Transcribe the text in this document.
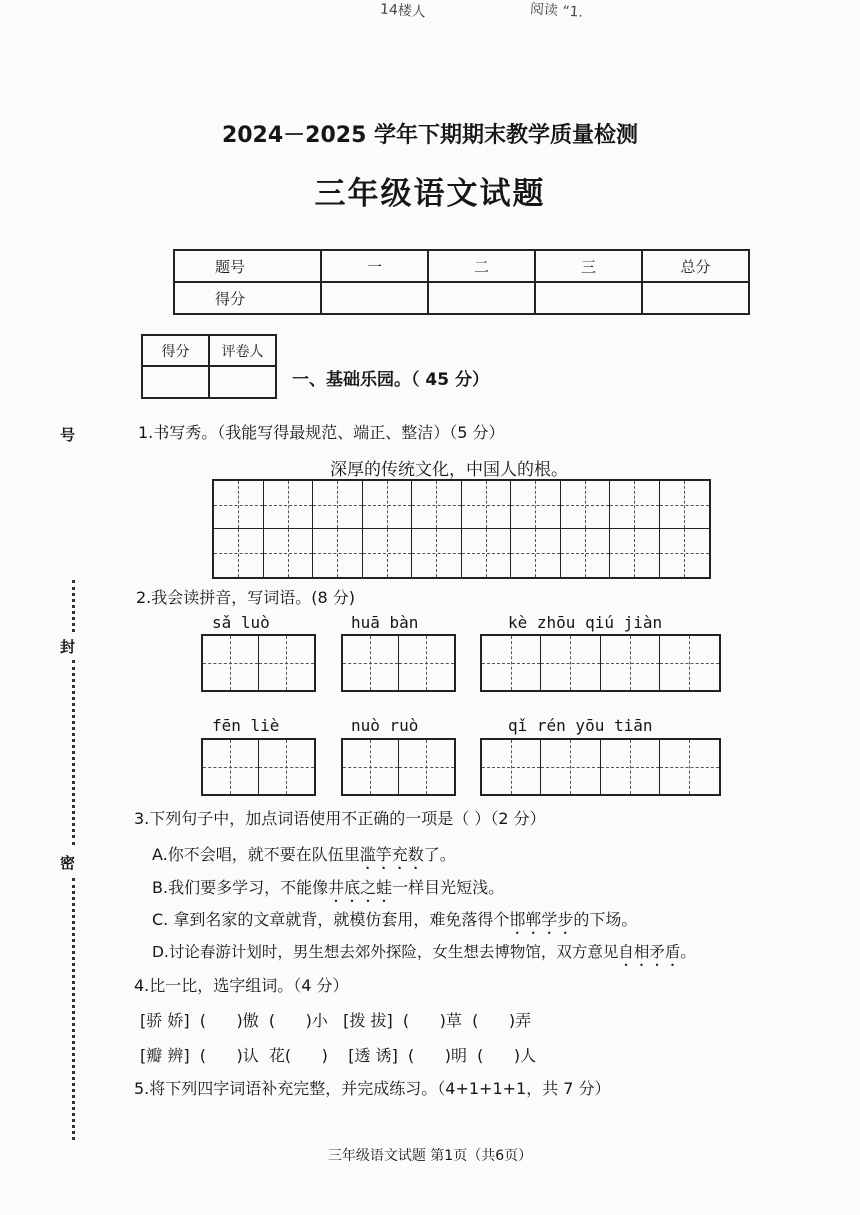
14楼人	阅读 “1.
2024－2025 学年下期期末教学质量检测
三年级语文试题
题号	一	二	三	总分
得分				
得分	评卷人

一、基础乐园。（ 45 分）
号
封
密
1.书写秀。（我能写得最规范、端正、整洁）（5 分）
深厚的传统文化，中国人的根。
2.我会读拼音，写词语。(8 分)
sǎ luò	huā bàn	kè zhōu qiú jiàn
fēn liè	nuò ruò	qǐ rén yōu tiān
3.下列句子中，加点词语使用不正确的一项是（ ）（2 分）
A.你不会唱，就不要在队伍里滥竽充数了。
B.我们要多学习，不能像井底之蛙一样目光短浅。
C. 拿到名家的文章就背，就模仿套用，难免落得个邯郸学步的下场。
D.讨论春游计划时，男生想去郊外探险，女生想去博物馆，双方意见自相矛盾。
4.比一比，选字组词。（4 分）
[骄 娇]  (      )傲  (      )小   [拨 拔]  (      )草  (      )弄
[瓣 辨]  (      )认  花(      )    [透 诱]  (      )明  (      )人
5.将下列四字词语补充完整，并完成练习。（4+1+1+1，共 7 分）
三年级语文试题 第1页（共6页）
